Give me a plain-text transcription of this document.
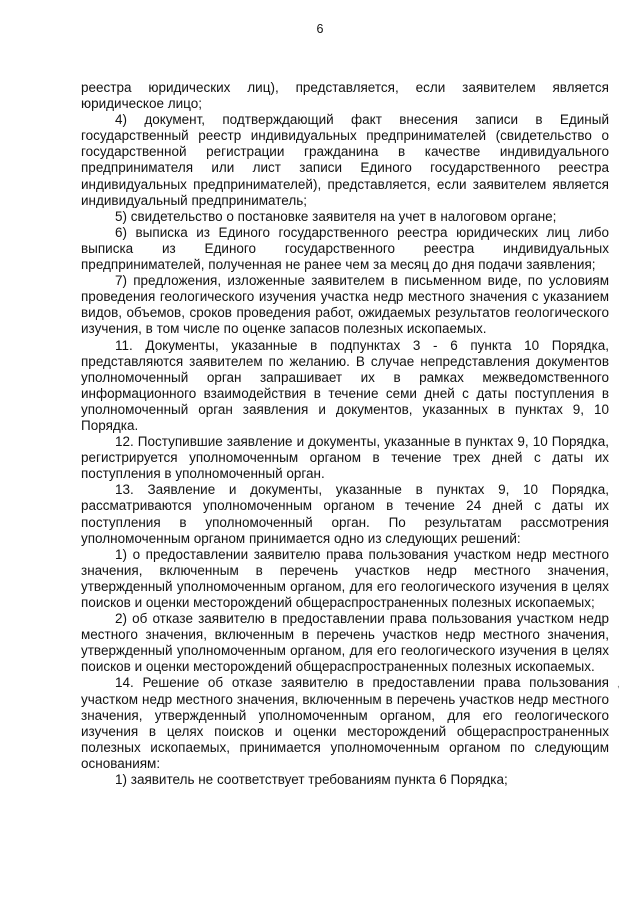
6

реестра юридических лиц), представляется, если заявителем является юридическое лицо;

4) документ, подтверждающий факт внесения записи в Единый государственный реестр индивидуальных предпринимателей (свидетельство о государственной регистрации гражданина в качестве индивидуального предпринимателя или лист записи Единого государственного реестра индивидуальных предпринимателей), представляется, если заявителем является индивидуальный предприниматель;

5) свидетельство о постановке заявителя на учет в налоговом органе;

6) выписка из Единого государственного реестра юридических лиц либо выписка из Единого государственного реестра индивидуальных предпринимателей, полученная не ранее чем за месяц до дня подачи заявления;

7) предложения, изложенные заявителем в письменном виде, по условиям проведения геологического изучения участка недр местного значения с указанием видов, объемов, сроков проведения работ, ожидаемых результатов геологического изучения, в том числе по оценке запасов полезных ископаемых.

11. Документы, указанные в подпунктах 3 - 6 пункта 10 Порядка, представляются заявителем по желанию. В случае непредставления документов уполномоченный орган запрашивает их в рамках межведомственного информационного взаимодействия в течение семи дней с даты поступления в уполномоченный орган заявления и документов, указанных в пунктах 9, 10 Порядка.

12. Поступившие заявление и документы, указанные в пунктах 9, 10 Порядка, регистрируется уполномоченным органом в течение трех дней с даты их поступления в уполномоченный орган.

13. Заявление и документы, указанные в пунктах 9, 10 Порядка, рассматриваются уполномоченным органом в течение 24 дней с даты их поступления в уполномоченный орган. По результатам рассмотрения уполномоченным органом принимается одно из следующих решений:

1) о предоставлении заявителю права пользования участком недр местного значения, включенным в перечень участков недр местного значения, утвержденный уполномоченным органом, для его геологического изучения в целях поисков и оценки месторождений общераспространенных полезных ископаемых;

2) об отказе заявителю в предоставлении права пользования участком недр местного значения, включенным в перечень участков недр местного значения, утвержденный уполномоченным органом, для его геологического изучения в целях поисков и оценки месторождений общераспространенных полезных ископаемых.

14. Решение об отказе заявителю в предоставлении права пользования участком недр местного значения, включенным в перечень участков недр местного значения, утвержденный уполномоченным органом, для его геологического изучения в целях поисков и оценки месторождений общераспространенных полезных ископаемых, принимается уполномоченным органом по следующим основаниям:

1) заявитель не соответствует требованиям пункта 6 Порядка;

,
